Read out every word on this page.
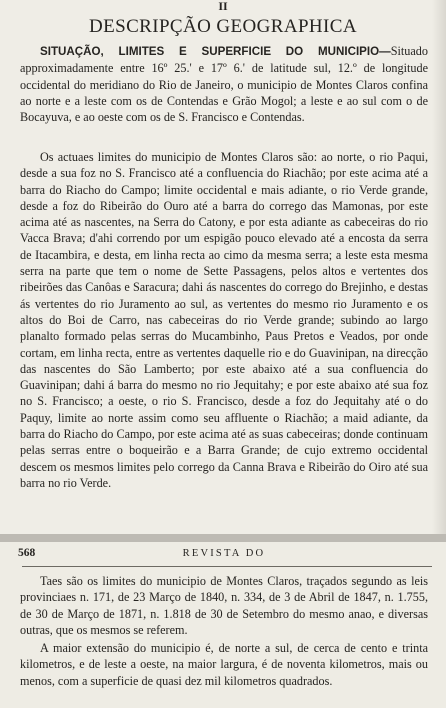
II
DESCRIPÇÃO GEOGRAPHICA

SITUAÇÃO, LIMITES E SUPERFICIE DO MUNICIPIO—Situado approximadamente entre 16º 25.' e 17º 6.' de latitude sul, 12.º de longitude occidental do meridiano do Rio de Janeiro, o municipio de Montes Claros confina ao norte e a leste com os de Contendas e Grão Mogol; a leste e ao sul com o de Bocayuva, e ao oeste com os de S. Francisco e Contendas.

Os actuaes limites do municipio de Montes Claros são: ao norte, o rio Paqui, desde a sua foz no S. Francisco até a confluencia do Riachão; por este acima até a barra do Riacho do Campo; limite occidental e mais adiante, o rio Verde grande, desde a foz do Ribeirão do Ouro até a barra do corrego das Mamonas, por este acima até as nascentes, na Serra do Catony, e por esta adiante as cabeceiras do rio Vacca Brava; d'ahi correndo por um espigão pouco elevado até a encosta da serra de Itacambira, e desta, em linha recta ao cimo da mesma serra; a leste esta mesma serra na parte que tem o nome de Sette Passagens, pelos altos e vertentes dos ribeirões das Canôas e Saracura; dahi ás nascentes do corrego do Brejinho, e destas ás vertentes do rio Juramento ao sul, as vertentes do mesmo rio Juramento e os altos do Boi de Carro, nas cabeceiras do rio Verde grande; subindo ao largo planalto formado pelas serras do Mucambinho, Paus Pretos e Veados, por onde cortam, em linha recta, entre as vertentes daquelle rio e do Guavinipan, na direcção das nascentes do São Lamberto; por este abaixo até a sua confluencia do Guavinipan; dahi á barra do mesmo no rio Jequitahy; e por este abaixo até sua foz no S. Francisco; a oeste, o rio S. Francisco, desde a foz do Jequitahy até o do Paquy, limite ao norte assim como seu affluente o Riachão; a maid adiante, da barra do Riacho do Campo, por este acima até as suas cabeceiras; donde continuam pelas serras entre o boqueirão e a Barra Grande; de cujo extremo occidental descem os mesmos limites pelo corrego da Canna Brava e Ribeirão do Oiro até sua barra no rio Verde.

568	REVISTA DO

Taes são os limites do municipio de Montes Claros, traçados segundo as leis provinciaes n. 171, de 23 Março de 1840, n. 334, de 3 de Abril de 1847, n. 1.755, de 30 de Março de 1871, n. 1.818 de 30 de Setembro do mesmo anao, e diversas outras, que os mesmos se referem.

A maior extensão do municipio é, de norte a sul, de cerca de cento e trinta kilometros, e de leste a oeste, na maior largura, é de noventa kilometros, mais ou menos, com a superficie de quasi dez mil kilometros quadrados.
